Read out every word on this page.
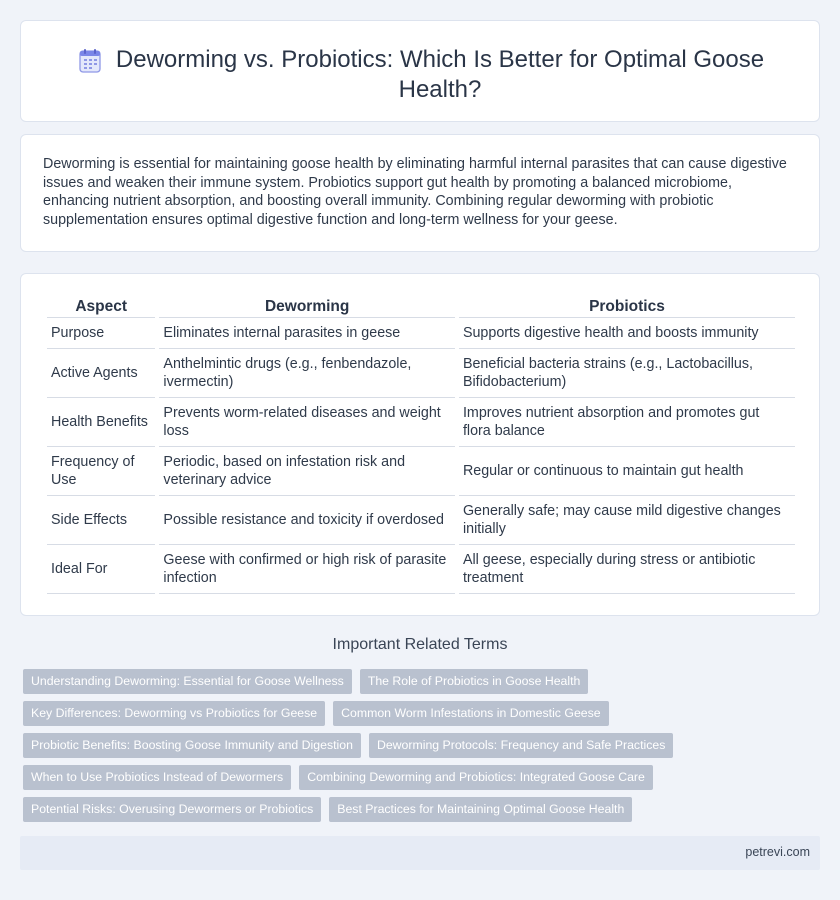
Deworming vs. Probiotics: Which Is Better for Optimal Goose Health?

Deworming is essential for maintaining goose health by eliminating harmful internal parasites that can cause digestive issues and weaken their immune system. Probiotics support gut health by promoting a balanced microbiome, enhancing nutrient absorption, and boosting overall immunity. Combining regular deworming with probiotic supplementation ensures optimal digestive function and long-term wellness for your geese.

Aspect	Deworming	Probiotics
Purpose	Eliminates internal parasites in geese	Supports digestive health and boosts immunity
Active Agents	Anthelmintic drugs (e.g., fenbendazole, ivermectin)	Beneficial bacteria strains (e.g., Lactobacillus, Bifidobacterium)
Health Benefits	Prevents worm-related diseases and weight loss	Improves nutrient absorption and promotes gut flora balance
Frequency of Use	Periodic, based on infestation risk and veterinary advice	Regular or continuous to maintain gut health
Side Effects	Possible resistance and toxicity if overdosed	Generally safe; may cause mild digestive changes initially
Ideal For	Geese with confirmed or high risk of parasite infection	All geese, especially during stress or antibiotic treatment
Important Related Terms
Understanding Deworming: Essential for Goose Wellness	The Role of Probiotics in Goose Health
Key Differences: Deworming vs Probiotics for Geese	Common Worm Infestations in Domestic Geese
Probiotic Benefits: Boosting Goose Immunity and Digestion	Deworming Protocols: Frequency and Safe Practices
When to Use Probiotics Instead of Dewormers	Combining Deworming and Probiotics: Integrated Goose Care
Potential Risks: Overusing Dewormers or Probiotics	Best Practices for Maintaining Optimal Goose Health
petrevi.com
